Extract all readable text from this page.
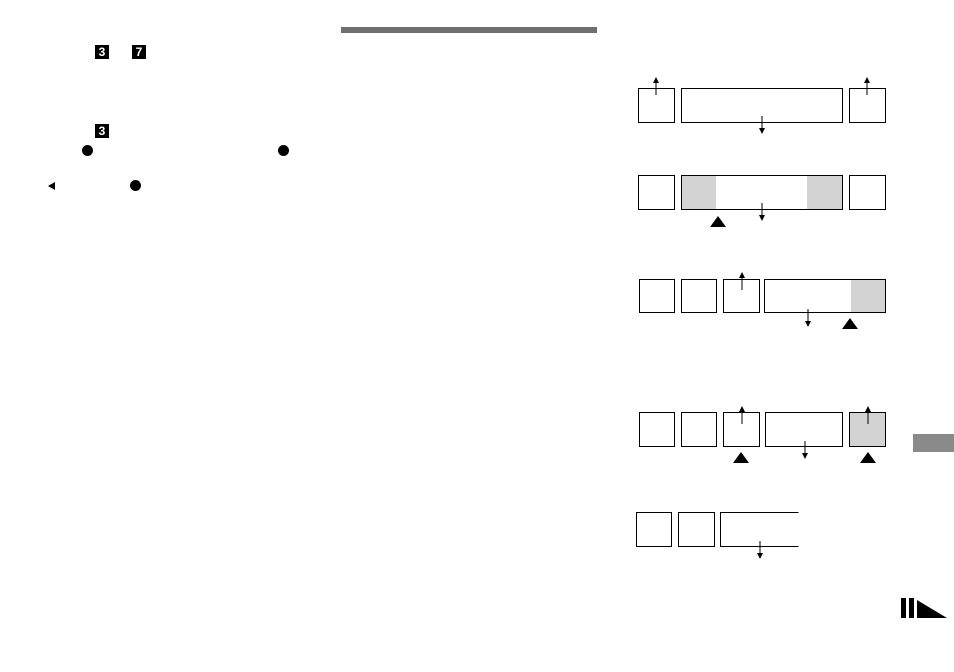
3	7
3
